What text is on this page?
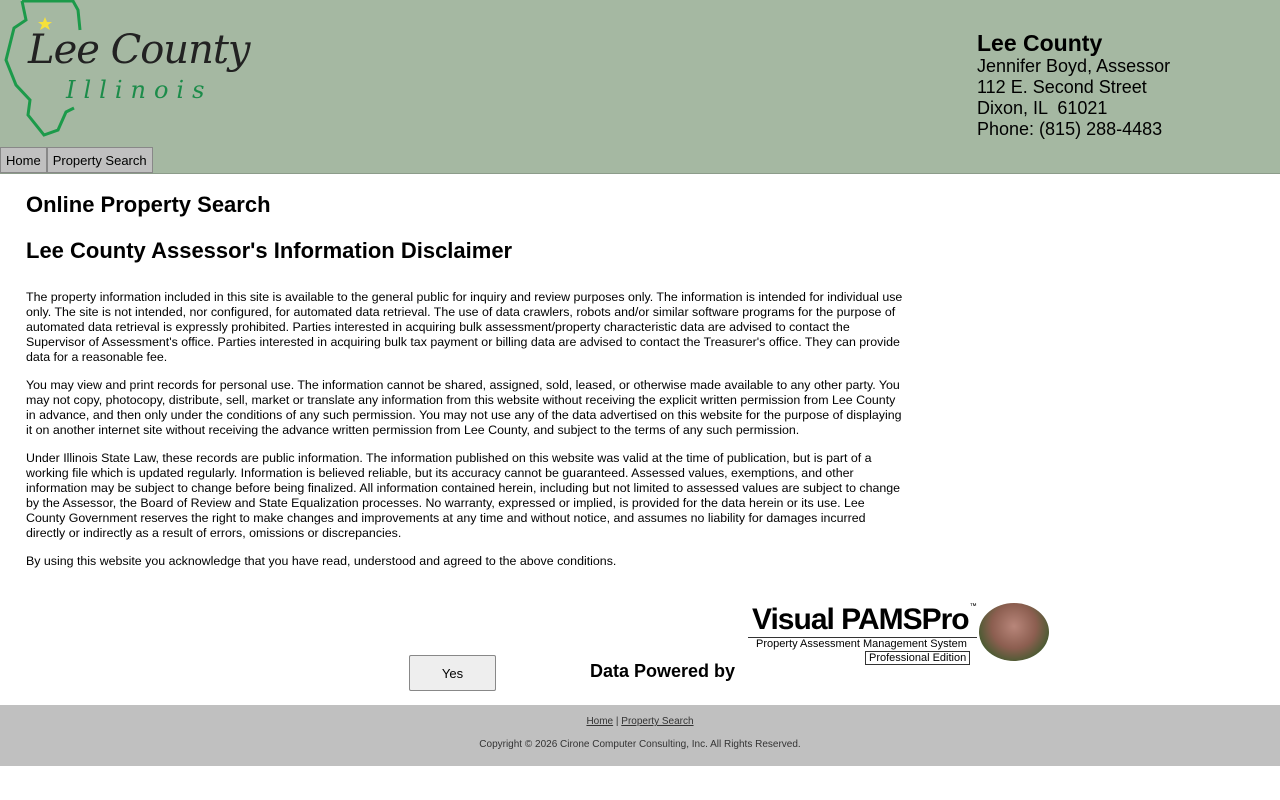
Lee County
Illinois
Home Property Search
Lee County
Jennifer Boyd, Assessor
112 E. Second Street
Dixon, IL  61021
Phone: (815) 288-4483
Online Property Search
Lee County Assessor's Information Disclaimer

The property information included in this site is available to the general public for inquiry and review purposes only. The information is intended for individual use only. The site is not intended, nor configured, for automated data retrieval. The use of data crawlers, robots and/or similar software programs for the purpose of automated data retrieval is expressly prohibited. Parties interested in acquiring bulk assessment/property characteristic data are advised to contact the Supervisor of Assessment's office. Parties interested in acquiring bulk tax payment or billing data are advised to contact the Treasurer's office. They can provide data for a reasonable fee.

You may view and print records for personal use. The information cannot be shared, assigned, sold, leased, or otherwise made available to any other party. You may not copy, photocopy, distribute, sell, market or translate any information from this website without receiving the explicit written permission from Lee County in advance, and then only under the conditions of any such permission. You may not use any of the data advertised on this website for the purpose of displaying it on another internet site without receiving the advance written permission from Lee County, and subject to the terms of any such permission.

Under Illinois State Law, these records are public information. The information published on this website was valid at the time of publication, but is part of a working file which is updated regularly. Information is believed reliable, but its accuracy cannot be guaranteed. Assessed values, exemptions, and other information may be subject to change before being finalized. All information contained herein, including but not limited to assessed values are subject to change by the Assessor, the Board of Review and State Equalization processes. No warranty, expressed or implied, is provided for the data herein or its use. Lee County Government reserves the right to make changes and improvements at any time and without notice, and assumes no liability for damages incurred directly or indirectly as a result of errors, omissions or discrepancies.

By using this website you acknowledge that you have read, understood and agreed to the above conditions.

Yes	Data Powered by
Visual PAMSPro ™
Property Assessment Management System
Professional Edition
Home | Property Search
Copyright © 2026 Cirone Computer Consulting, Inc. All Rights Reserved.
